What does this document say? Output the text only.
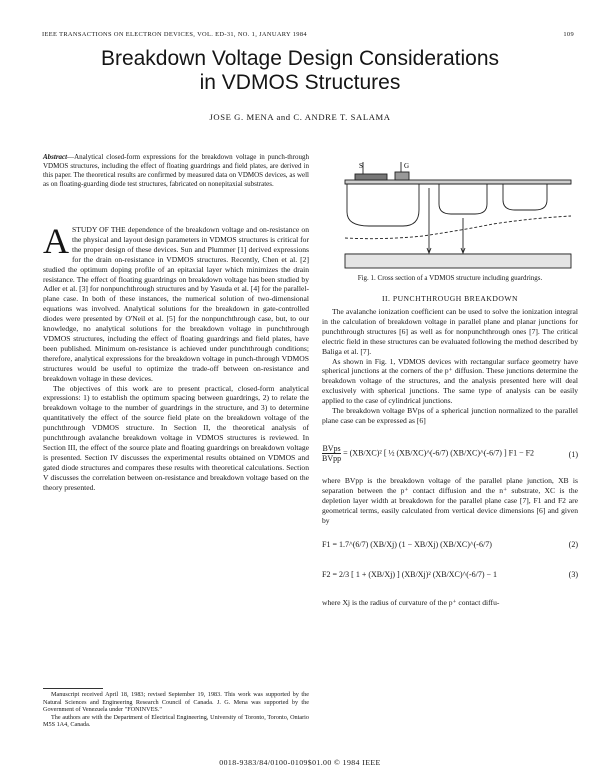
IEEE TRANSACTIONS ON ELECTRON DEVICES, VOL. ED-31, NO. 1, JANUARY 1984	109
Breakdown Voltage Design Considerations
in VDMOS Structures
JOSE G. MENA and C. ANDRE T. SALAMA
Abstract—Analytical closed-form expressions for the breakdown voltage in punch-through VDMOS structures, including the effect of floating guardrings and field plates, are derived in this paper. The theoretical results are confirmed by measured data on VDMOS devices, as well as on floating-guarding diode test structures, fabricated on nonepitaxial substrates.

ASTUDY OF THE dependence of the breakdown voltage and on-resistance on the physical and layout design parameters in VDMOS structures is critical for the proper design of these devices. Sun and Plummer [1] derived expressions for the drain on-resistance in VDMOS structures. Recently, Chen et al. [2] studied the optimum doping profile of an epitaxial layer which minimizes the drain resistance. The effect of floating guardrings on breakdown voltage has been studied by Adler et al. [3] for nonpunchthrough structures and by Yasuda et al. [4] for the parallel-plane case. In both of these instances, the numerical solution of two-dimensional equations was involved. Analytical solutions for the breakdown in gate-controlled diodes were presented by O'Neil et al. [5] for the nonpunchthrough case, but, to our knowledge, no analytical solutions for the breakdown voltage in punchthrough VDMOS structures, including the effect of floating guardrings and field plates, have been published. Minimum on-resistance is achieved under punchthrough conditions; therefore, analytical expressions for the breakdown voltage in punch-through VDMOS structures would be useful to optimize the trade-off between on-resistance and breakdown voltage in these devices.

The objectives of this work are to present practical, closed-form analytical expressions: 1) to establish the optimum spacing between guardrings, 2) to relate the breakdown voltage to the number of guardrings in the structure, and 3) to determine quantitatively the effect of the source field plate on the breakdown voltage of the punchthrough VDMOS structure. In Section II, the theoretical analysis of punchthrough avalanche breakdown voltage in VDMOS structures is reviewed. In Section III, the effect of the source plate and floating guardrings on breakdown voltage is presented. Section IV discusses the experimental results obtained on VDMOS and gated diode structures and compares these results with theoretical calculations. Section V discusses the correlation between on-resistance and breakdown voltage based on the theory presented.

Manuscript received April 18, 1983; revised September 19, 1983. This work was supported by the Natural Sciences and Engineering Research Council of Canada. J. G. Mena was supported by the Government of Venezuela under "FONINVES."

The authors are with the Department of Electrical Engineering, University of Toronto, Toronto, Ontario M5S 1A4, Canada.

S	G
Fig. 1. Cross section of a VDMOS structure including guardrings.
II. PUNCHTHROUGH BREAKDOWN

The avalanche ionization coefficient can be used to solve the ionization integral in the calculation of breakdown voltage in parallel plane and planar junctions for punchthrough structures [6] as well as for nonpunchthrough ones [7]. The critical electric field in these structures can be evaluated following the method described by Baliga et al. [7].

As shown in Fig. 1, VDMOS devices with rectangular surface geometry have spherical junctions at the corners of the p⁺ diffusion. These junctions determine the breakdown voltage of the structures, and the analysis presented here will deal exclusively with spherical junctions. The same type of analysis can be easily applied to the case of cylindrical junctions.

The breakdown voltage BVps of a spherical junction normalized to the parallel plane case can be expressed as [6]

$\frac{\text{BVps}}{\text{BVpp}} = (XB/XC)^2$ [ ½ (XB/XC)^(-6/7) (XB/XC)^(-6/7) ] F1 − F2	(1)

where BVpp is the breakdown voltage of the parallel plane junction, XB is separation between the p⁺ contact diffusion and the n⁺ substrate, XC is the depletion layer width at breakdown for the parallel plane case [7], F1 and F2 are geometrical terms, easily calculated from vertical device dimensions [6] and given by

F1 = 1.7^(6/7) (XB/Xj) (1 − XB/Xj) (XB/XC)^(-6/7)	(2)
F2 = 2/3 [ 1 + (XB/Xj) ] (XB/Xj)² (XB/XC)^(-6/7) − 1	(3)
where Xj is the radius of curvature of the p⁺ contact diffu-
0018-9383/84/0100-0109$01.00 © 1984 IEEE
